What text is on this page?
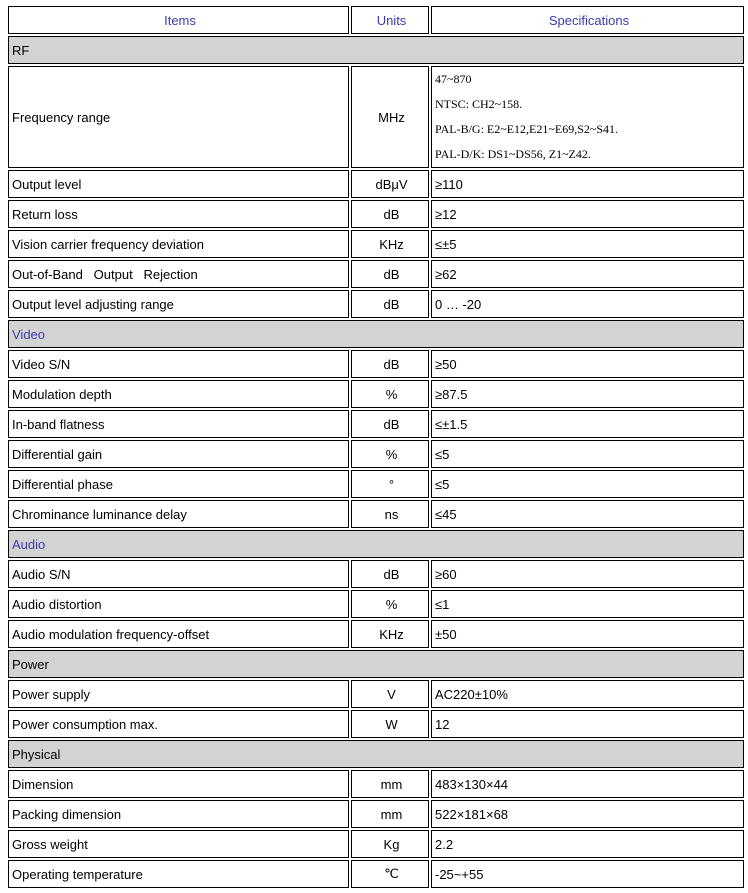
Items	Units	Specifications
RF		
Frequency range	MHz	47~870
NTSC: CH2~158.
PAL-B/G: E2~E12,E21~E69,S2~S41.
PAL-D/K: DS1~DS56, Z1~Z42.

Output level	dBμV	≥110
Return loss	dB	≥12
Vision carrier frequency deviation	KHz	≤±5
Out-of-Band   Output   Rejection	dB	≥62
Output level adjusting range	dB	0 … -20
Video		
Video S/N	dB	≥50
Modulation depth	%	≥87.5
In-band flatness	dB	≤±1.5
Differential gain	%	≤5
Differential phase	°	≤5
Chrominance luminance delay	ns	≤45
Audio		
Audio S/N	dB	≥60
Audio distortion	%	≤1
Audio modulation frequency-offset	KHz	±50
Power		
Power supply	V	AC220±10%
Power consumption max.	W	12
Physical		
Dimension	mm	483×130×44
Packing dimension	mm	522×181×68
Gross weight	Kg	2.2
Operating temperature	℃	-25~+55
